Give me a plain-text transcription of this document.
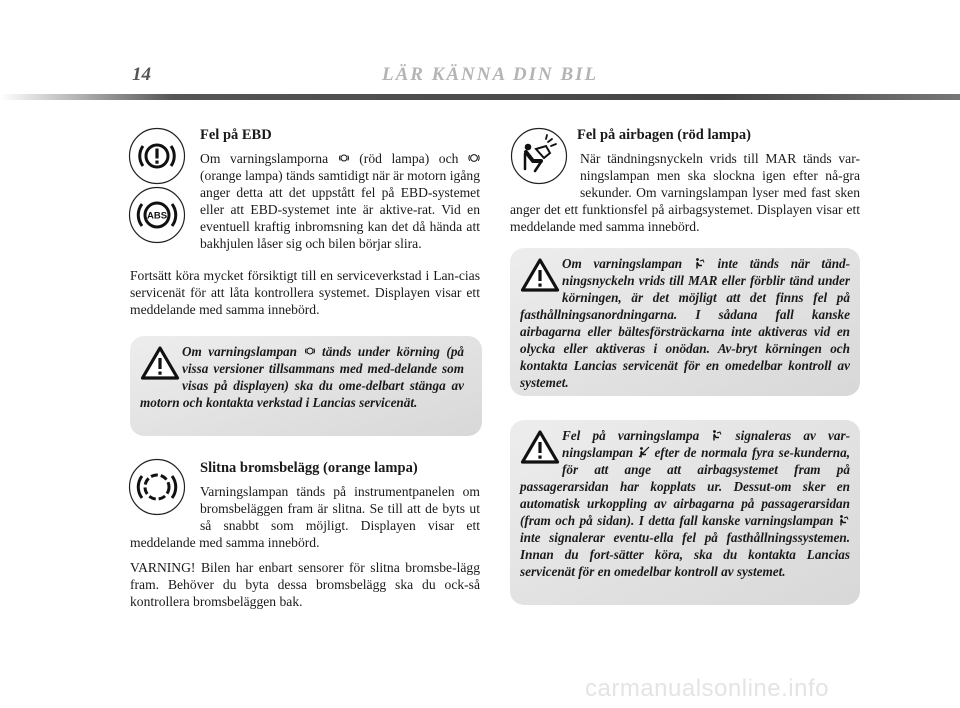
14	LÄR KÄNNA DIN BIL
ABS
Fel på EBD

Om varningslamporna (röd lampa) och
(orange lampa) tänds samtidigt när är motorn igång anger detta att det uppstått fel på EBD-systemet eller att EBD-systemet inte är aktive-rat. Vid en eventuell kraftig inbromsning kan det då hända att bakhjulen låser sig och bilen börjar slira.

Fortsätt köra mycket försiktigt till en serviceverkstad i Lan-cias servicenät för att låta kontrollera systemet. Displayen visar ett meddelande med samma innebörd.

Om varningslampan tänds under körning (på vissa versioner tillsammans med med-delande som visas på displayen) ska du ome-delbart stänga av motorn och kontakta verkstad i Lancias servicenät.

Slitna bromsbelägg (orange lampa)

Varningslampan tänds på instrumentpanelen om bromsbeläggen fram är slitna. Se till att de byts ut så snabbt som möjligt. Displayen visar ett meddelande med samma innebörd.

VARNING! Bilen har enbart sensorer för slitna bromsbe-lägg fram. Behöver du byta dessa bromsbelägg ska du ock-så kontrollera bromsbeläggen bak.

Fel på airbagen (röd lampa)

När tändningsnyckeln vrids till MAR tänds var-ningslampan men ska slockna igen efter nå-gra sekunder. Om varningslampan lyser med fast sken anger det ett funktionsfel på airbagsystemet. Displayen visar ett meddelande med samma innebörd.

Om varningslampan	inte tänds när tänd-ningsnyckeln vrids till MAR eller förblir tänd under körningen, är det möjligt att det finns fel på fasthållningsanordningarna. I sådana fall kanske airbagarna eller bältesförsträckarna inte aktiveras vid en olycka eller aktiveras i onödan. Av-bryt körningen och kontakta Lancias servicenät för en omedelbar kontroll av systemet.

Fel på varningslampa	signaleras av var-ningslampan efter de normala fyra se-kunderna, för att ange att airbagsystemet fram på passagerarsidan har kopplats ur. Dessut-om sker en automatisk urkoppling av airbagarna på passagerarsidan (fram och på sidan). I detta fall kanske varningslampan
inte signalerar eventu-ella fel på fasthållningssystemen. Innan du fort-sätter köra, ska du kontakta Lancias servicenät för en omedelbar kontroll av systemet.

carmanualsonline.info
